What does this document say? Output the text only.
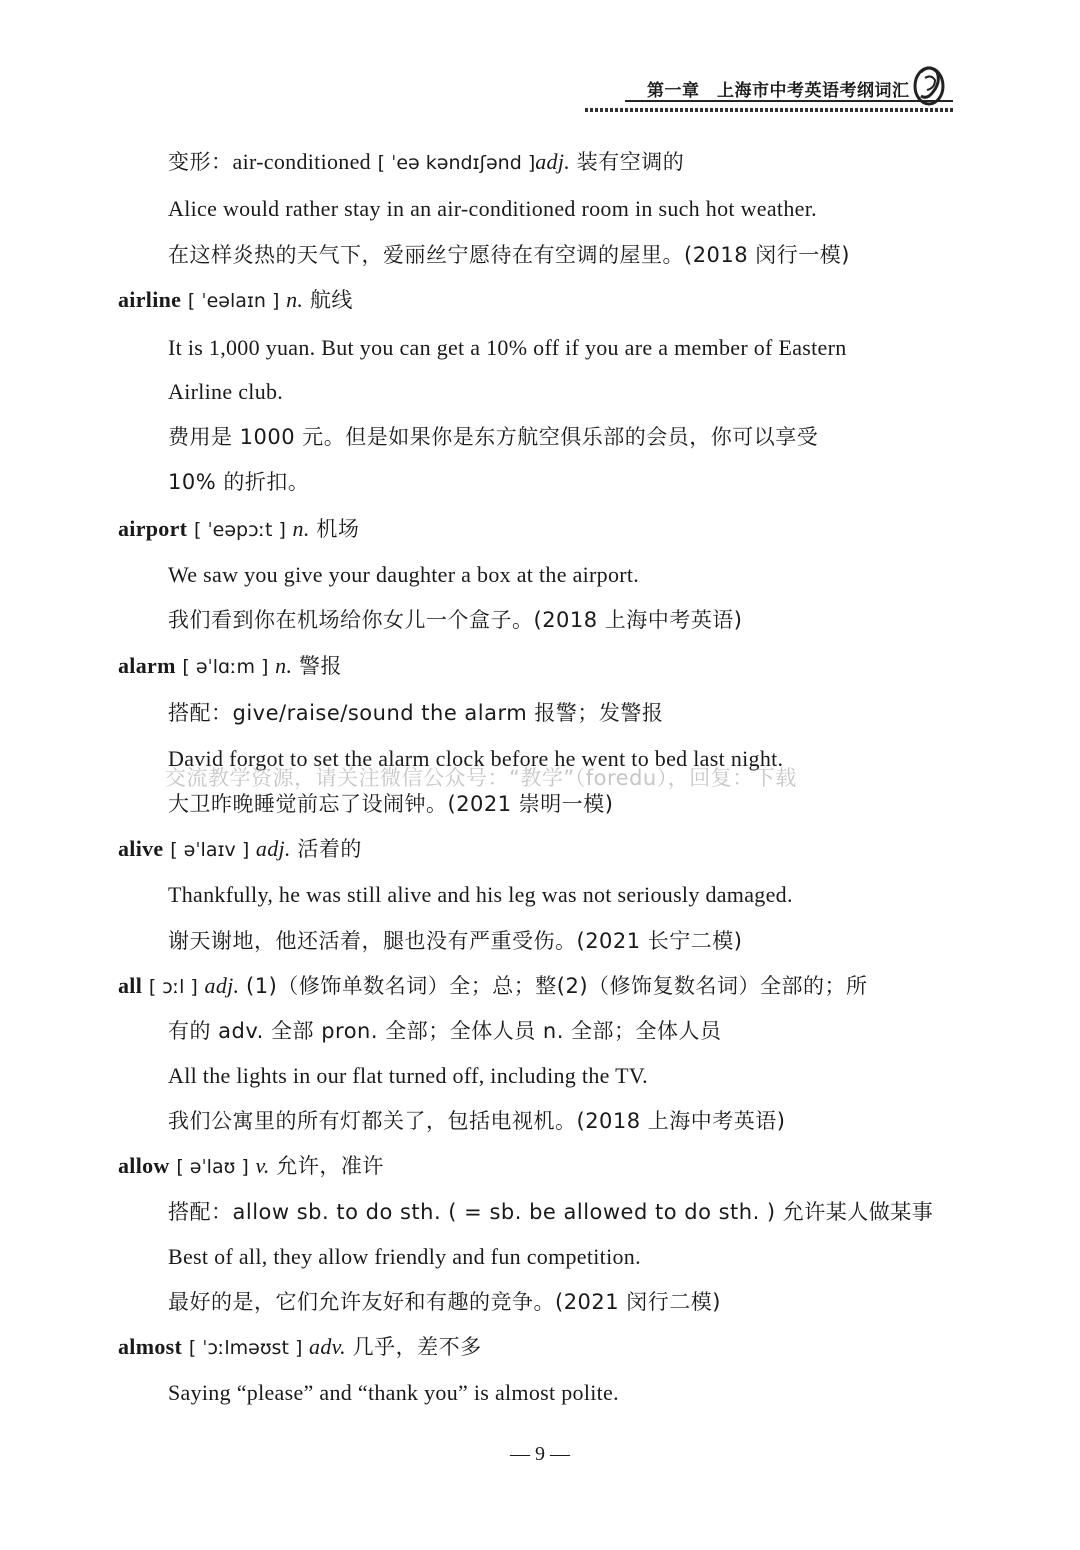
第一章　上海市中考英语考纲词汇
变形：air-conditioned [ ˈeə kəndɪʃənd ]adj. 装有空调的
Alice would rather stay in an air-conditioned room in such hot weather.
在这样炎热的天气下，爱丽丝宁愿待在有空调的屋里。(2018 闵行一模)
airline [ ˈeəlaɪn ] n. 航线
It is 1,000 yuan. But you can get a 10% off if you are a member of Eastern
Airline club.
费用是 1000 元。但是如果你是东方航空俱乐部的会员，你可以享受
10% 的折扣。
airport [ ˈeəpɔːt ] n. 机场
We saw you give your daughter a box at the airport.
我们看到你在机场给你女儿一个盒子。(2018 上海中考英语)
alarm [ əˈlɑːm ] n. 警报
搭配：give/raise/sound the alarm 报警；发警报
David forgot to set the alarm clock before he went to bed last night.
大卫昨晚睡觉前忘了设闹钟。(2021 崇明一模)
alive [ əˈlaɪv ] adj. 活着的
Thankfully, he was still alive and his leg was not seriously damaged.
谢天谢地，他还活着，腿也没有严重受伤。(2021 长宁二模)
all [ ɔːl ] adj. (1)（修饰单数名词）全；总；整(2)（修饰复数名词）全部的；所
有的 adv. 全部 pron. 全部；全体人员 n. 全部；全体人员
All the lights in our flat turned off, including the TV.
我们公寓里的所有灯都关了，包括电视机。(2018 上海中考英语)
allow [ əˈlaʊ ] v. 允许，准许
搭配：allow sb. to do sth. ( = sb. be allowed to do sth. ) 允许某人做某事
Best of all, they allow friendly and fun competition.
最好的是，它们允许友好和有趣的竞争。(2021 闵行二模)
almost [ ˈɔːlməʊst ] adv. 几乎，差不多
Saying “please” and “thank you” is almost polite.
交流教学资源，请关注微信公众号：“教学”（foredu），回复：下载
— 9 —
